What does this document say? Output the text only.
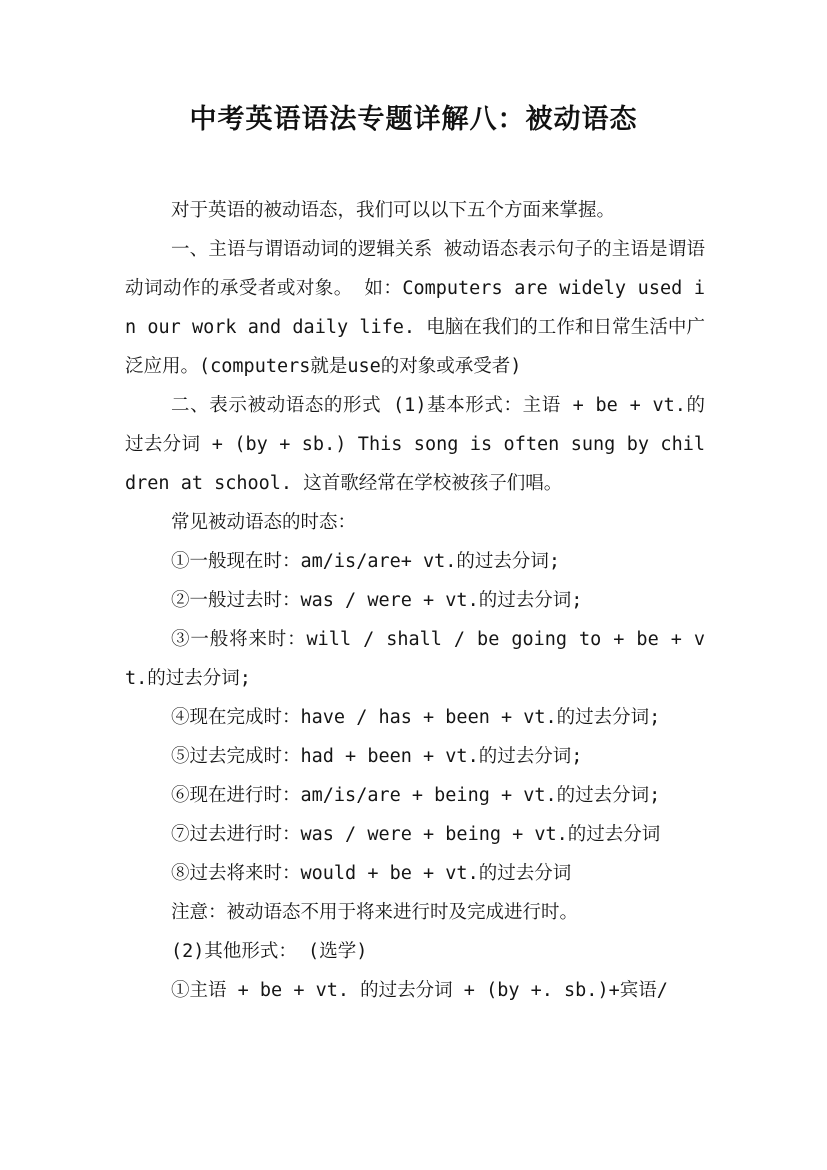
中考英语语法专题详解八：被动语态

对于英语的被动语态，我们可以以下五个方面来掌握。

一、主语与谓语动词的逻辑关系 被动语态表示句子的主语是谓语动词动作的承受者或对象。 如：Computers are widely used in our work and daily life. 电脑在我们的工作和日常生活中广泛应用。(computers就是use的对象或承受者)

二、表示被动语态的形式 (1)基本形式：主语 + be + vt.的过去分词 + (by + sb.) This song is often sung by children at school. 这首歌经常在学校被孩子们唱。

常见被动语态的时态：

①一般现在时：am/is/are+ vt.的过去分词;

②一般过去时：was / were + vt.的过去分词;

③一般将来时：will / shall / be going to + be + vt.的过去分词;

④现在完成时：have / has + been + vt.的过去分词;

⑤过去完成时：had + been + vt.的过去分词;

⑥现在进行时：am/is/are + being + vt.的过去分词;

⑦过去进行时：was / were + being + vt.的过去分词

⑧过去将来时：would + be + vt.的过去分词

注意：被动语态不用于将来进行时及完成进行时。

(2)其他形式： (选学)

①主语 + be + vt. 的过去分词 + (by +. sb.)+宾语/
